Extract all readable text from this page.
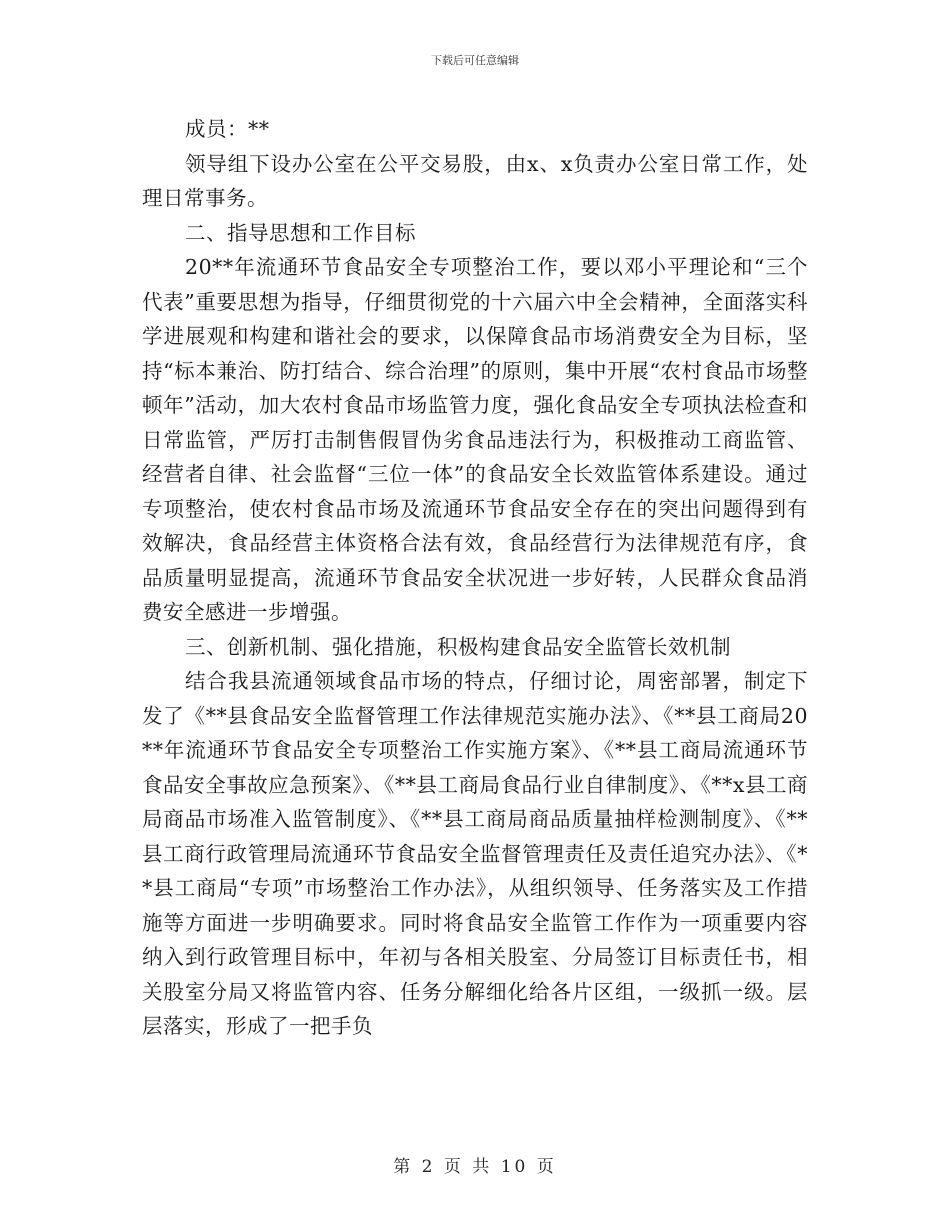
下载后可任意编辑

成员：**

领导组下设办公室在公平交易股，由x、x负责办公室日常工作，处理日常事务。

二、指导思想和工作目标

20**年流通环节食品安全专项整治工作，要以邓小平理论和“三个代表”重要思想为指导，仔细贯彻党的十六届六中全会精神，全面落实科学进展观和构建和谐社会的要求，以保障食品市场消费安全为目标，坚持“标本兼治、防打结合、综合治理”的原则，集中开展“农村食品市场整顿年”活动，加大农村食品市场监管力度，强化食品安全专项执法检查和日常监管，严厉打击制售假冒伪劣食品违法行为，积极推动工商监管、经营者自律、社会监督“三位一体”的食品安全长效监管体系建设。通过专项整治，使农村食品市场及流通环节食品安全存在的突出问题得到有效解决，食品经营主体资格合法有效，食品经营行为法律规范有序，食品质量明显提高，流通环节食品安全状况进一步好转，人民群众食品消费安全感进一步增强。

三、创新机制、强化措施，积极构建食品安全监管长效机制

结合我县流通领域食品市场的特点，仔细讨论，周密部署，制定下发了《**县食品安全监督管理工作法律规范实施办法》、《**县工商局20**年流通环节食品安全专项整治工作实施方案》、《**县工商局流通环节食品安全事故应急预案》、《**县工商局食品行业自律制度》、《**x县工商局商品市场准入监管制度》、《**县工商局商品质量抽样检测制度》、《**县工商行政管理局流通环节食品安全监督管理责任及责任追究办法》、《**县工商局“专项”市场整治工作办法》，从组织领导、任务落实及工作措施等方面进一步明确要求。同时将食品安全监管工作作为一项重要内容纳入到行政管理目标中，年初与各相关股室、分局签订目标责任书，相关股室分局又将监管内容、任务分解细化给各片区组，一级抓一级。层层落实，形成了一把手负

第 2 页 共 10 页
